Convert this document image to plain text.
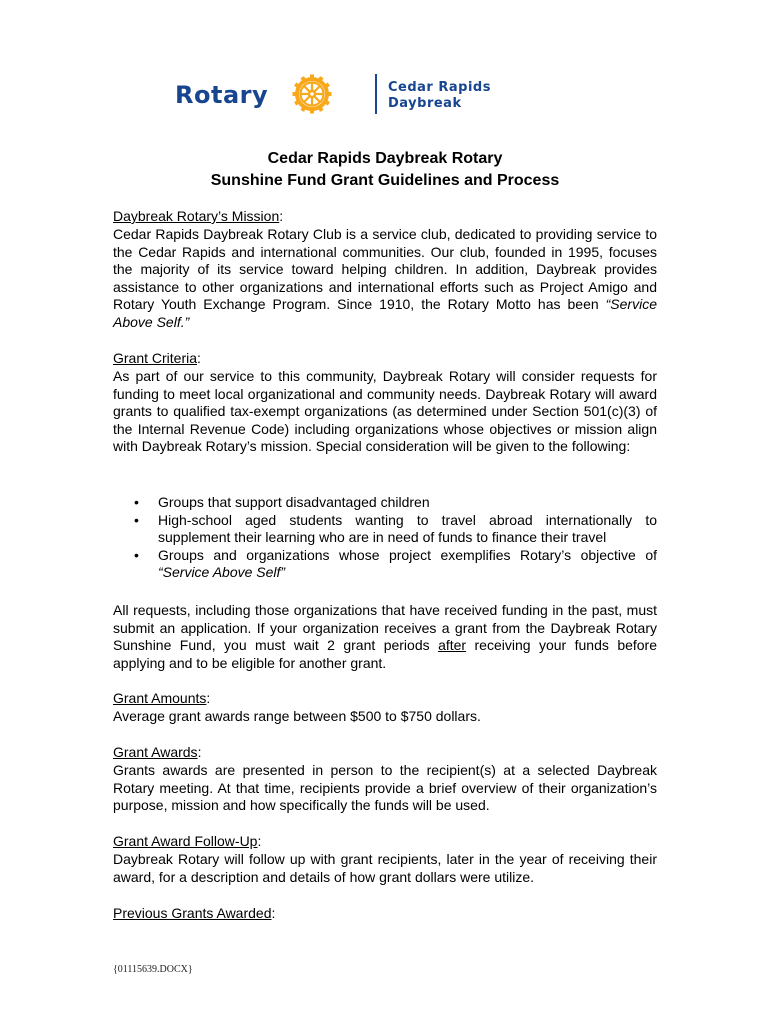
Rotary	Cedar Rapids
Daybreak
Cedar Rapids Daybreak Rotary
Sunshine Fund Grant Guidelines and Process
Daybreak Rotary’s Mission:

Cedar Rapids Daybreak Rotary Club is a service club, dedicated to providing service to the Cedar Rapids and international communities. Our club, founded in 1995, focuses the majority of its service toward helping children. In addition, Daybreak provides assistance to other organizations and international efforts such as Project Amigo and Rotary Youth Exchange Program. Since 1910, the Rotary Motto has been “Service Above Self.”

Grant Criteria:

As part of our service to this community, Daybreak Rotary will consider requests for funding to meet local organizational and community needs. Daybreak Rotary will award grants to qualified tax-exempt organizations (as determined under Section 501(c)(3) of the Internal Revenue Code) including organizations whose objectives or mission align with Daybreak Rotary’s mission. Special consideration will be given to the following:

• Groups that support disadvantaged children
• High-school aged students wanting to travel abroad internationally to supplement their learning who are in need of funds to finance their travel
• Groups and organizations whose project exemplifies Rotary’s objective of “Service Above Self”

All requests, including those organizations that have received funding in the past, must submit an application. If your organization receives a grant from the Daybreak Rotary Sunshine Fund, you must wait 2 grant periods after receiving your funds before applying and to be eligible for another grant.

Grant Amounts:

Average grant awards range between $500 to $750 dollars.

Grant Awards:

Grants awards are presented in person to the recipient(s) at a selected Daybreak Rotary meeting. At that time, recipients provide a brief overview of their organization’s purpose, mission and how specifically the funds will be used.

Grant Award Follow-Up:

Daybreak Rotary will follow up with grant recipients, later in the year of receiving their award, for a description and details of how grant dollars were utilize.

Previous Grants Awarded:
{01115639.DOCX}
